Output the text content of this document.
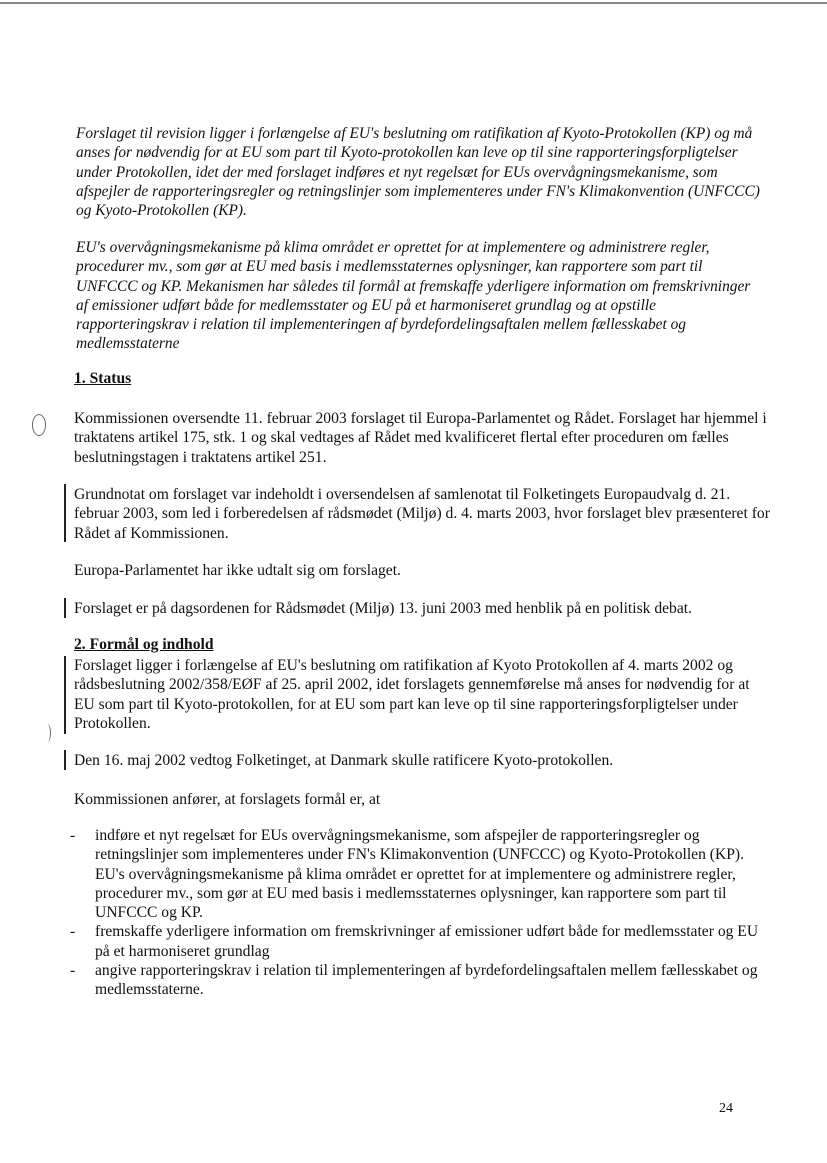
Forslaget til revision ligger i forlængelse af EU's beslutning om ratifikation af Kyoto-Protokollen (KP) og må anses for nødvendig for at EU som part til Kyoto-protokollen kan leve op til sine rapporteringsforpligtelser under Protokollen, idet der med forslaget indføres et nyt regelsæt for EUs overvågningsmekanisme, som afspejler de rapporteringsregler og retningslinjer som implementeres under FN's Klimakonvention (UNFCCC) og Kyoto-Protokollen (KP).

EU's overvågningsmekanisme på klima området er oprettet for at implementere og administrere regler, procedurer mv., som gør at EU med basis i medlemsstaternes oplysninger, kan rapportere som part til UNFCCC og KP. Mekanismen har således til formål at fremskaffe yderligere information om fremskrivninger af emissioner udført både for medlemsstater og EU på et harmoniseret grundlag og at opstille rapporteringskrav i relation til implementeringen af byrdefordelingsaftalen mellem fællesskabet og medlemsstaterne

1. Status

Kommissionen oversendte 11. februar 2003 forslaget til Europa-Parlamentet og Rådet. Forslaget har hjemmel i traktatens artikel 175, stk. 1 og skal vedtages af Rådet med kvalificeret flertal efter proceduren om fælles beslutningstagen i traktatens artikel 251.

Grundnotat om forslaget var indeholdt i oversendelsen af samlenotat til Folketingets Europaudvalg d. 21. februar 2003, som led i forberedelsen af rådsmødet (Miljø) d. 4. marts 2003, hvor forslaget blev præsenteret for Rådet af Kommissionen.

Europa-Parlamentet har ikke udtalt sig om forslaget.

Forslaget er på dagsordenen for Rådsmødet (Miljø) 13. juni 2003 med henblik på en politisk debat.

2. Formål og indhold

Forslaget ligger i forlængelse af EU's beslutning om ratifikation af Kyoto Protokollen af 4. marts 2002 og rådsbeslutning 2002/358/EØF af 25. april 2002, idet forslagets gennemførelse må anses for nødvendig for at EU som part til Kyoto-protokollen, for at EU som part kan leve op til sine rapporteringsforpligtelser under Protokollen.

Den 16. maj 2002 vedtog Folketinget, at Danmark skulle ratificere Kyoto-protokollen.

Kommissionen anfører, at forslagets formål er, at

- indføre et nyt regelsæt for EUs overvågningsmekanisme, som afspejler de rapporteringsregler og retningslinjer som implementeres under FN's Klimakonvention (UNFCCC) og Kyoto-Protokollen (KP). EU's overvågningsmekanisme på klima området er oprettet for at implementere og administrere regler, procedurer mv., som gør at EU med basis i medlemsstaternes oplysninger, kan rapportere som part til UNFCCC og KP.
- fremskaffe yderligere information om fremskrivninger af emissioner udført både for medlemsstater og EU på et harmoniseret grundlag
- angive rapporteringskrav i relation til implementeringen af byrdefordelingsaftalen mellem fællesskabet og medlemsstaterne.
24
